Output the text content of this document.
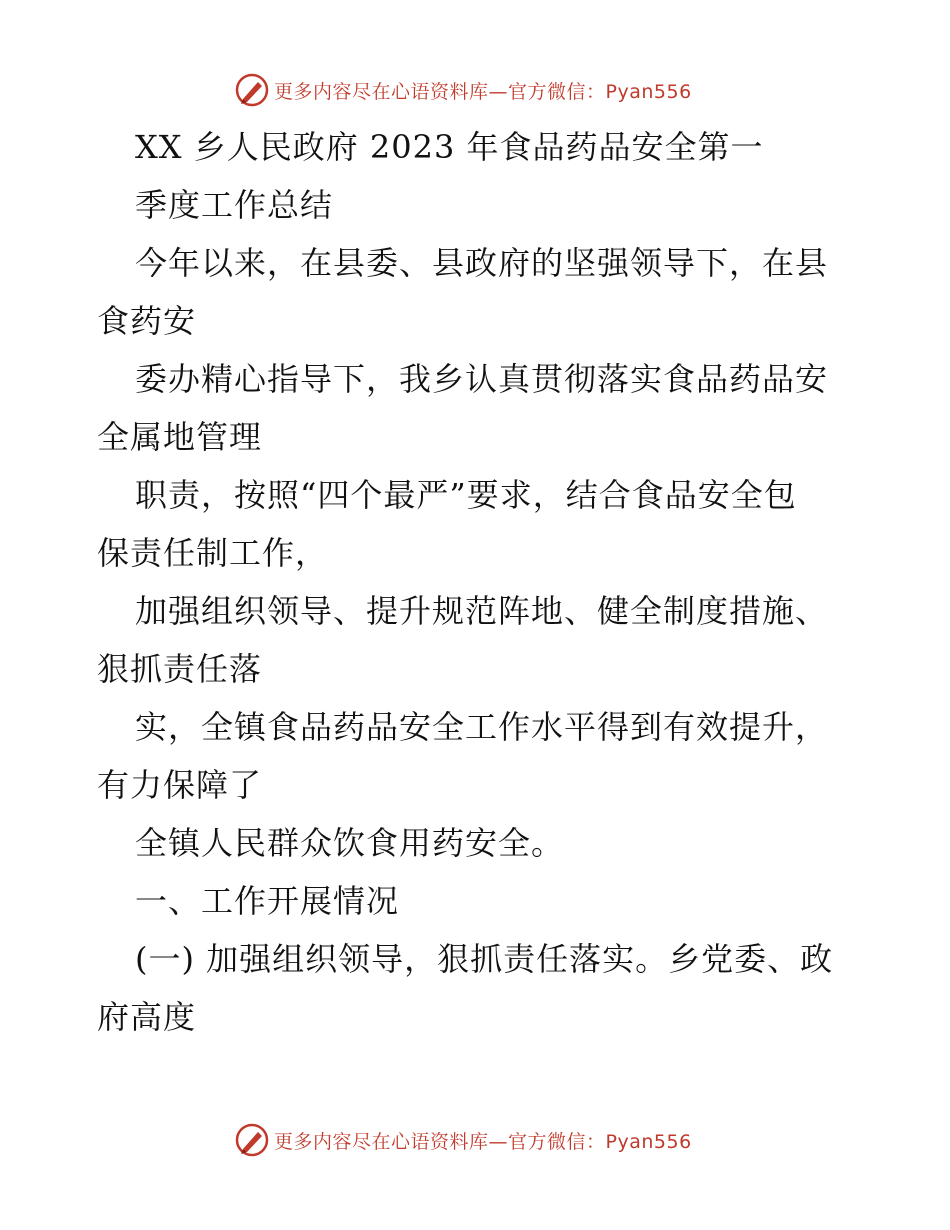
更多内容尽在心语资料库—官方微信：Pyan556
XX 乡人民政府 2023 年食品药品安全第一
季度工作总结
今年以来，在县委、县政府的坚强领导下，在县
食药安
委办精心指导下，我乡认真贯彻落实食品药品安
全属地管理
职责，按照“四个最严”要求，结合食品安全包
保责任制工作，
加强组织领导、提升规范阵地、健全制度措施、
狠抓责任落
实，全镇食品药品安全工作水平得到有效提升，
有力保障了
全镇人民群众饮食用药安全。
一、工作开展情况
(一) 加强组织领导，狠抓责任落实。乡党委、政
府高度
更多内容尽在心语资料库—官方微信：Pyan556
